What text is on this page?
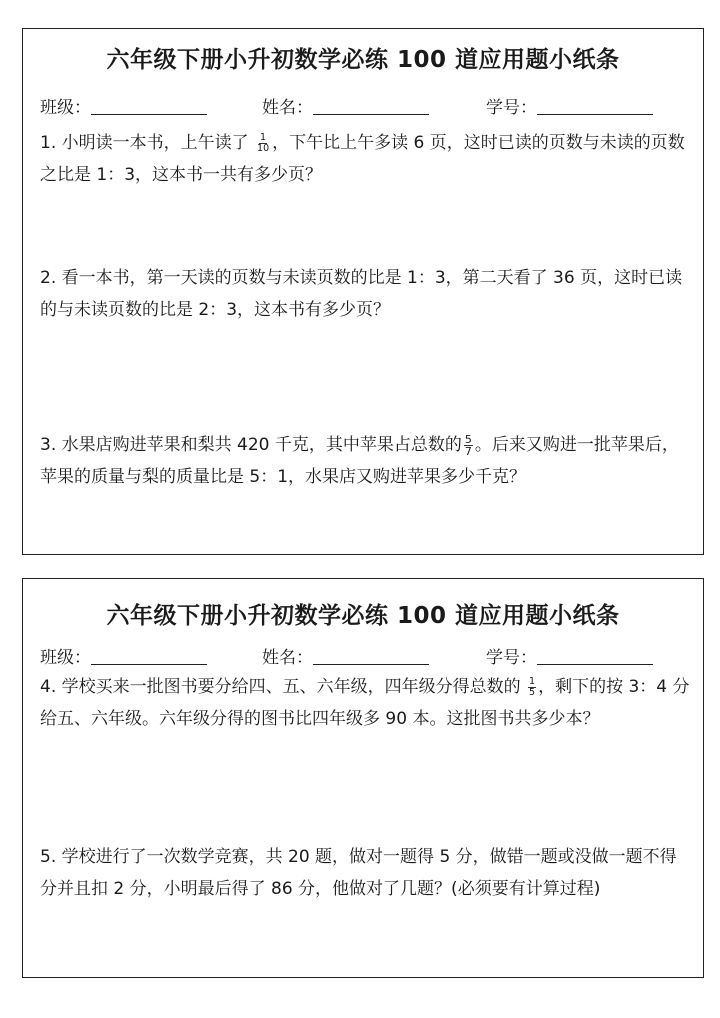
六年级下册小升初数学必练 100 道应用题小纸条
班级：	姓名：	学号：
1. 小明读一本书，上午读了 $\frac{1}{10}$ ，下午比上午多读 6 页，这时已读的页数与未读的页数之比是 1：3，这本书一共有多少页？
2. 看一本书，第一天读的页数与未读页数的比是 1：3，第二天看了 36 页，这时已读的与未读页数的比是 2：3，这本书有多少页？
3. 水果店购进苹果和梨共 420 千克，其中苹果占总数的 $\frac{5}{7}$ 。后来又购进一批苹果后，苹果的质量与梨的质量比是 5：1，水果店又购进苹果多少千克？
六年级下册小升初数学必练 100 道应用题小纸条
班级：	姓名：	学号：
4. 学校买来一批图书要分给四、五、六年级，四年级分得总数的 $\frac{1}{5}$ ，剩下的按 3：4 分给五、六年级。六年级分得的图书比四年级多 90 本。这批图书共多少本？
5. 学校进行了一次数学竞赛，共 20 题，做对一题得 5 分，做错一题或没做一题不得分并且扣 2 分，小明最后得了 86 分，他做对了几题？(必须要有计算过程)
